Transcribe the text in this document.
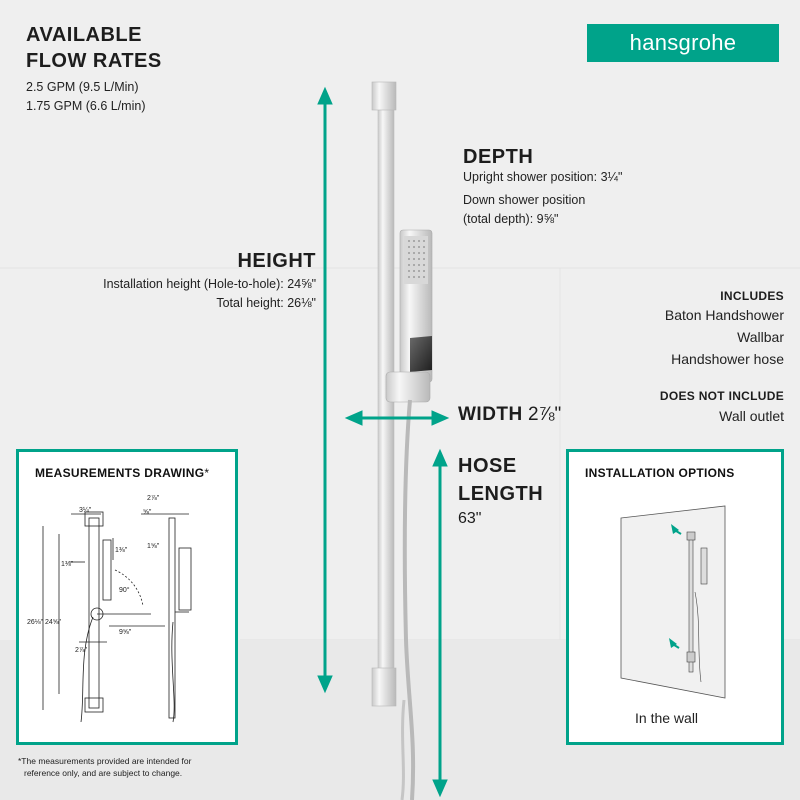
AVAILABLE
FLOW RATES
2.5 GPM (9.5 L/Min)
1.75 GPM (6.6 L/min)
hansgrohe
HEIGHT
Installation height (Hole-to-hole): 24⅝"
Total height: 26⅛"
DEPTH
Upright shower position: 3¼"
Down shower position
(total depth): 9⅝"
INCLUDES
Baton Handshower
Wallbar
Handshower hose
DOES NOT INCLUDE
Wall outlet
WIDTH 2⅞"
HOSE
LENGTH
63"
MEASUREMENTS DRAWING*
3¼"
2⅞"
⅝"
1⅝"
1⅜"
1⅜"
26⅛" 24⅝"
90°
9⅝"
2⅞"
*The measurements provided are intended for
reference only, and are subject to change.
INSTALLATION OPTIONS
In the wall
